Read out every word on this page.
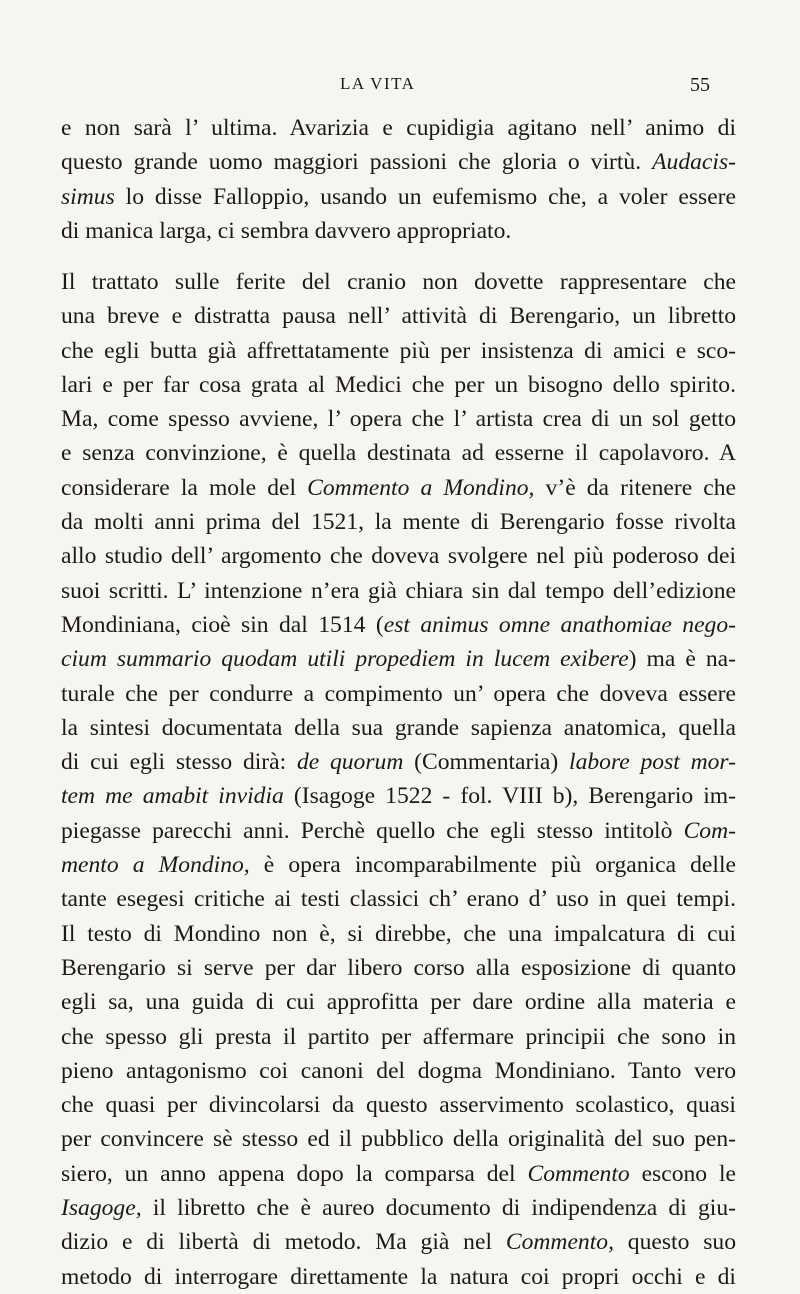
LA VITA	55
e non sarà l’ ultima. Avarizia e cupidigia agitano nell’ animo di
questo grande uomo maggiori passioni che gloria o virtù. Audacis-
simus lo disse Falloppio, usando un eufemismo che, a voler essere
di manica larga, ci sembra davvero appropriato.
Il trattato sulle ferite del cranio non dovette rappresentare che
una breve e distratta pausa nell’ attività di Berengario, un libretto
che egli butta già affrettatamente più per insistenza di amici e sco-
lari e per far cosa grata al Medici che per un bisogno dello spirito.
Ma, come spesso avviene, l’ opera che l’ artista crea di un sol getto
e senza convinzione, è quella destinata ad esserne il capolavoro. A
considerare la mole del Commento a Mondino, v’è da ritenere che
da molti anni prima del 1521, la mente di Berengario fosse rivolta
allo studio dell’ argomento che doveva svolgere nel più poderoso dei
suoi scritti. L’ intenzione n’era già chiara sin dal tempo dell’edizione
Mondiniana, cioè sin dal 1514 (est animus omne anathomiae nego-
cium summario quodam utili propediem in lucem exibere) ma è na-
turale che per condurre a compimento un’ opera che doveva essere
la sintesi documentata della sua grande sapienza anatomica, quella
di cui egli stesso dirà: de quorum (Commentaria) labore post mor-
tem me amabit invidia (Isagoge 1522 - fol. VIII b), Berengario im-
piegasse parecchi anni. Perchè quello che egli stesso intitolò Com-
mento a Mondino, è opera incomparabilmente più organica delle
tante esegesi critiche ai testi classici ch’ erano d’ uso in quei tempi.
Il testo di Mondino non è, si direbbe, che una impalcatura di cui
Berengario si serve per dar libero corso alla esposizione di quanto
egli sa, una guida di cui approfitta per dare ordine alla materia e
che spesso gli presta il partito per affermare principii che sono in
pieno antagonismo coi canoni del dogma Mondiniano. Tanto vero
che quasi per divincolarsi da questo asservimento scolastico, quasi
per convincere sè stesso ed il pubblico della originalità del suo pen-
siero, un anno appena dopo la comparsa del Commento escono le
Isagoge, il libretto che è aureo documento di indipendenza di giu-
dizio e di libertà di metodo. Ma già nel Commento, questo suo
metodo di interrogare direttamente la natura coi propri occhi e di
